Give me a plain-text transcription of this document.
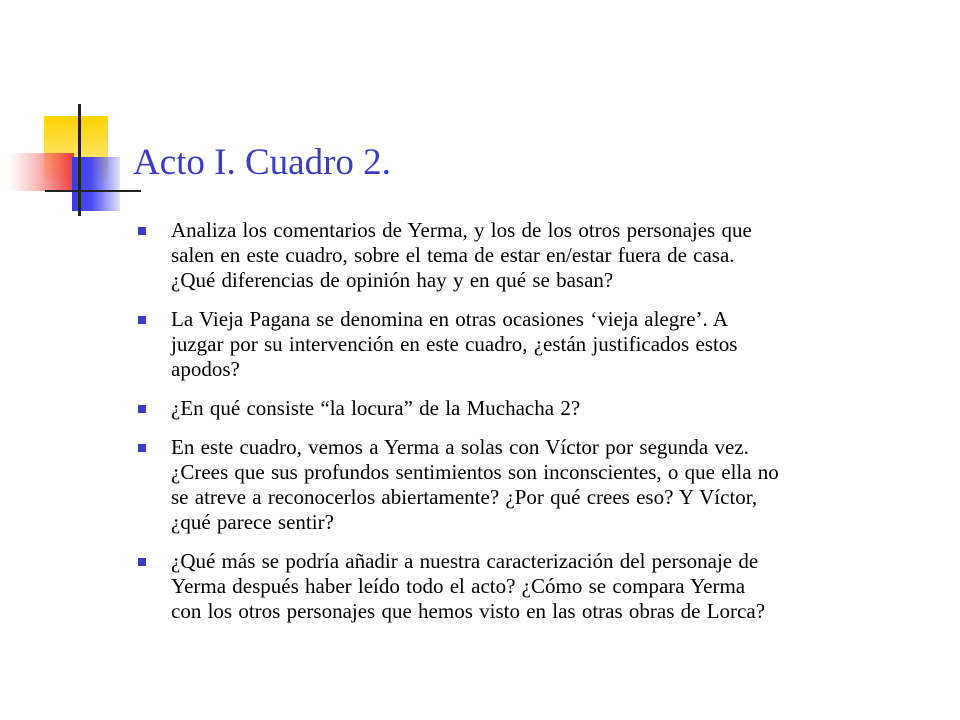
Acto I. Cuadro 2.
Analiza los comentarios de Yerma, y los de los otros personajes que
salen en este cuadro, sobre el tema de estar en/estar fuera de casa.
¿Qué diferencias de opinión hay y en qué se basan?
La Vieja Pagana se denomina en otras ocasiones ‘vieja alegre’. A
juzgar por su intervención en este cuadro, ¿están justificados estos
apodos?
¿En qué consiste “la locura” de la Muchacha 2?
En este cuadro, vemos a Yerma a solas con Víctor por segunda vez.
¿Crees que sus profundos sentimientos son inconscientes, o que ella no
se atreve a reconocerlos abiertamente? ¿Por qué crees eso? Y Víctor,
¿qué parece sentir?
¿Qué más se podría añadir a nuestra caracterización del personaje de
Yerma después haber leído todo el acto? ¿Cómo se compara Yerma
con los otros personajes que hemos visto en las otras obras de Lorca?
